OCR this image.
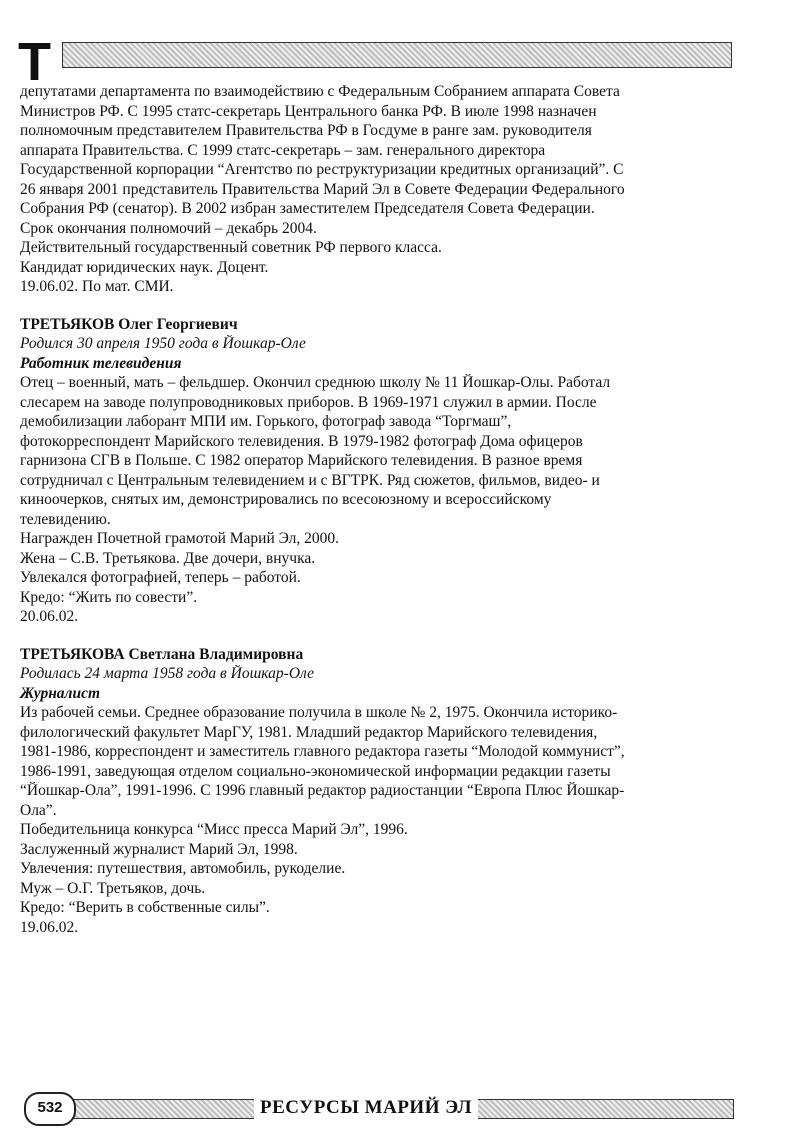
Т
депутатами департамента по взаимодействию с Федеральным Собранием аппарата Совета
Министров РФ. С 1995 статс-секретарь Центрального банка РФ. В июле 1998 назначен
полномочным представителем Правительства РФ в Госдуме в ранге зам. руководителя
аппарата Правительства. С 1999 статс-секретарь – зам. генерального директора
Государственной корпорации “Агентство по реструктуризации кредитных организаций”. С
26 января 2001 представитель Правительства Марий Эл в Совете Федерации Федерального
Собрания РФ (сенатор). В 2002 избран заместителем Председателя Совета Федерации.
Срок окончания полномочий – декабрь 2004.
Действительный государственный советник РФ первого класса.
Кандидат юридических наук. Доцент.
19.06.02. По мат. СМИ.
ТРЕТЬЯКОВ Олег Георгиевич
Родился 30 апреля 1950 года в Йошкар-Оле
Работник телевидения
Отец – военный, мать – фельдшер. Окончил среднюю школу № 11 Йошкар-Олы. Работал
слесарем на заводе полупроводниковых приборов. В 1969-1971 служил в армии. После
демобилизации лаборант МПИ им. Горького, фотограф завода “Торгмаш”,
фотокорреспондент Марийского телевидения. В 1979-1982 фотограф Дома офицеров
гарнизона СГВ в Польше. С 1982 оператор Марийского телевидения. В разное время
сотрудничал с Центральным телевидением и с ВГТРК. Ряд сюжетов, фильмов, видео- и
киноочерков, снятых им, демонстрировались по всесоюзному и всероссийскому
телевидению.
Награжден Почетной грамотой Марий Эл, 2000.
Жена – С.В. Третьякова. Две дочери, внучка.
Увлекался фотографией, теперь – работой.
Кредо: “Жить по совести”.
20.06.02.
ТРЕТЬЯКОВА Светлана Владимировна
Родилась 24 марта 1958 года в Йошкар-Оле
Журналист
Из рабочей семьи. Среднее образование получила в школе № 2, 1975. Окончила историко-
филологический факультет МарГУ, 1981. Младший редактор Марийского телевидения,
1981-1986, корреспондент и заместитель главного редактора газеты “Молодой коммунист”,
1986-1991, заведующая отделом социально-экономической информации редакции газеты
“Йошкар-Ола”, 1991-1996. С 1996 главный редактор радиостанции “Европа Плюс Йошкар-
Ола”.
Победительница конкурса “Мисс пресса Марий Эл”, 1996.
Заслуженный журналист Марий Эл, 1998.
Увлечения: путешествия, автомобиль, рукоделие.
Муж – О.Г. Третьяков, дочь.
Кредо: “Верить в собственные силы”.
19.06.02.
532	РЕСУРСЫ МАРИЙ ЭЛ
